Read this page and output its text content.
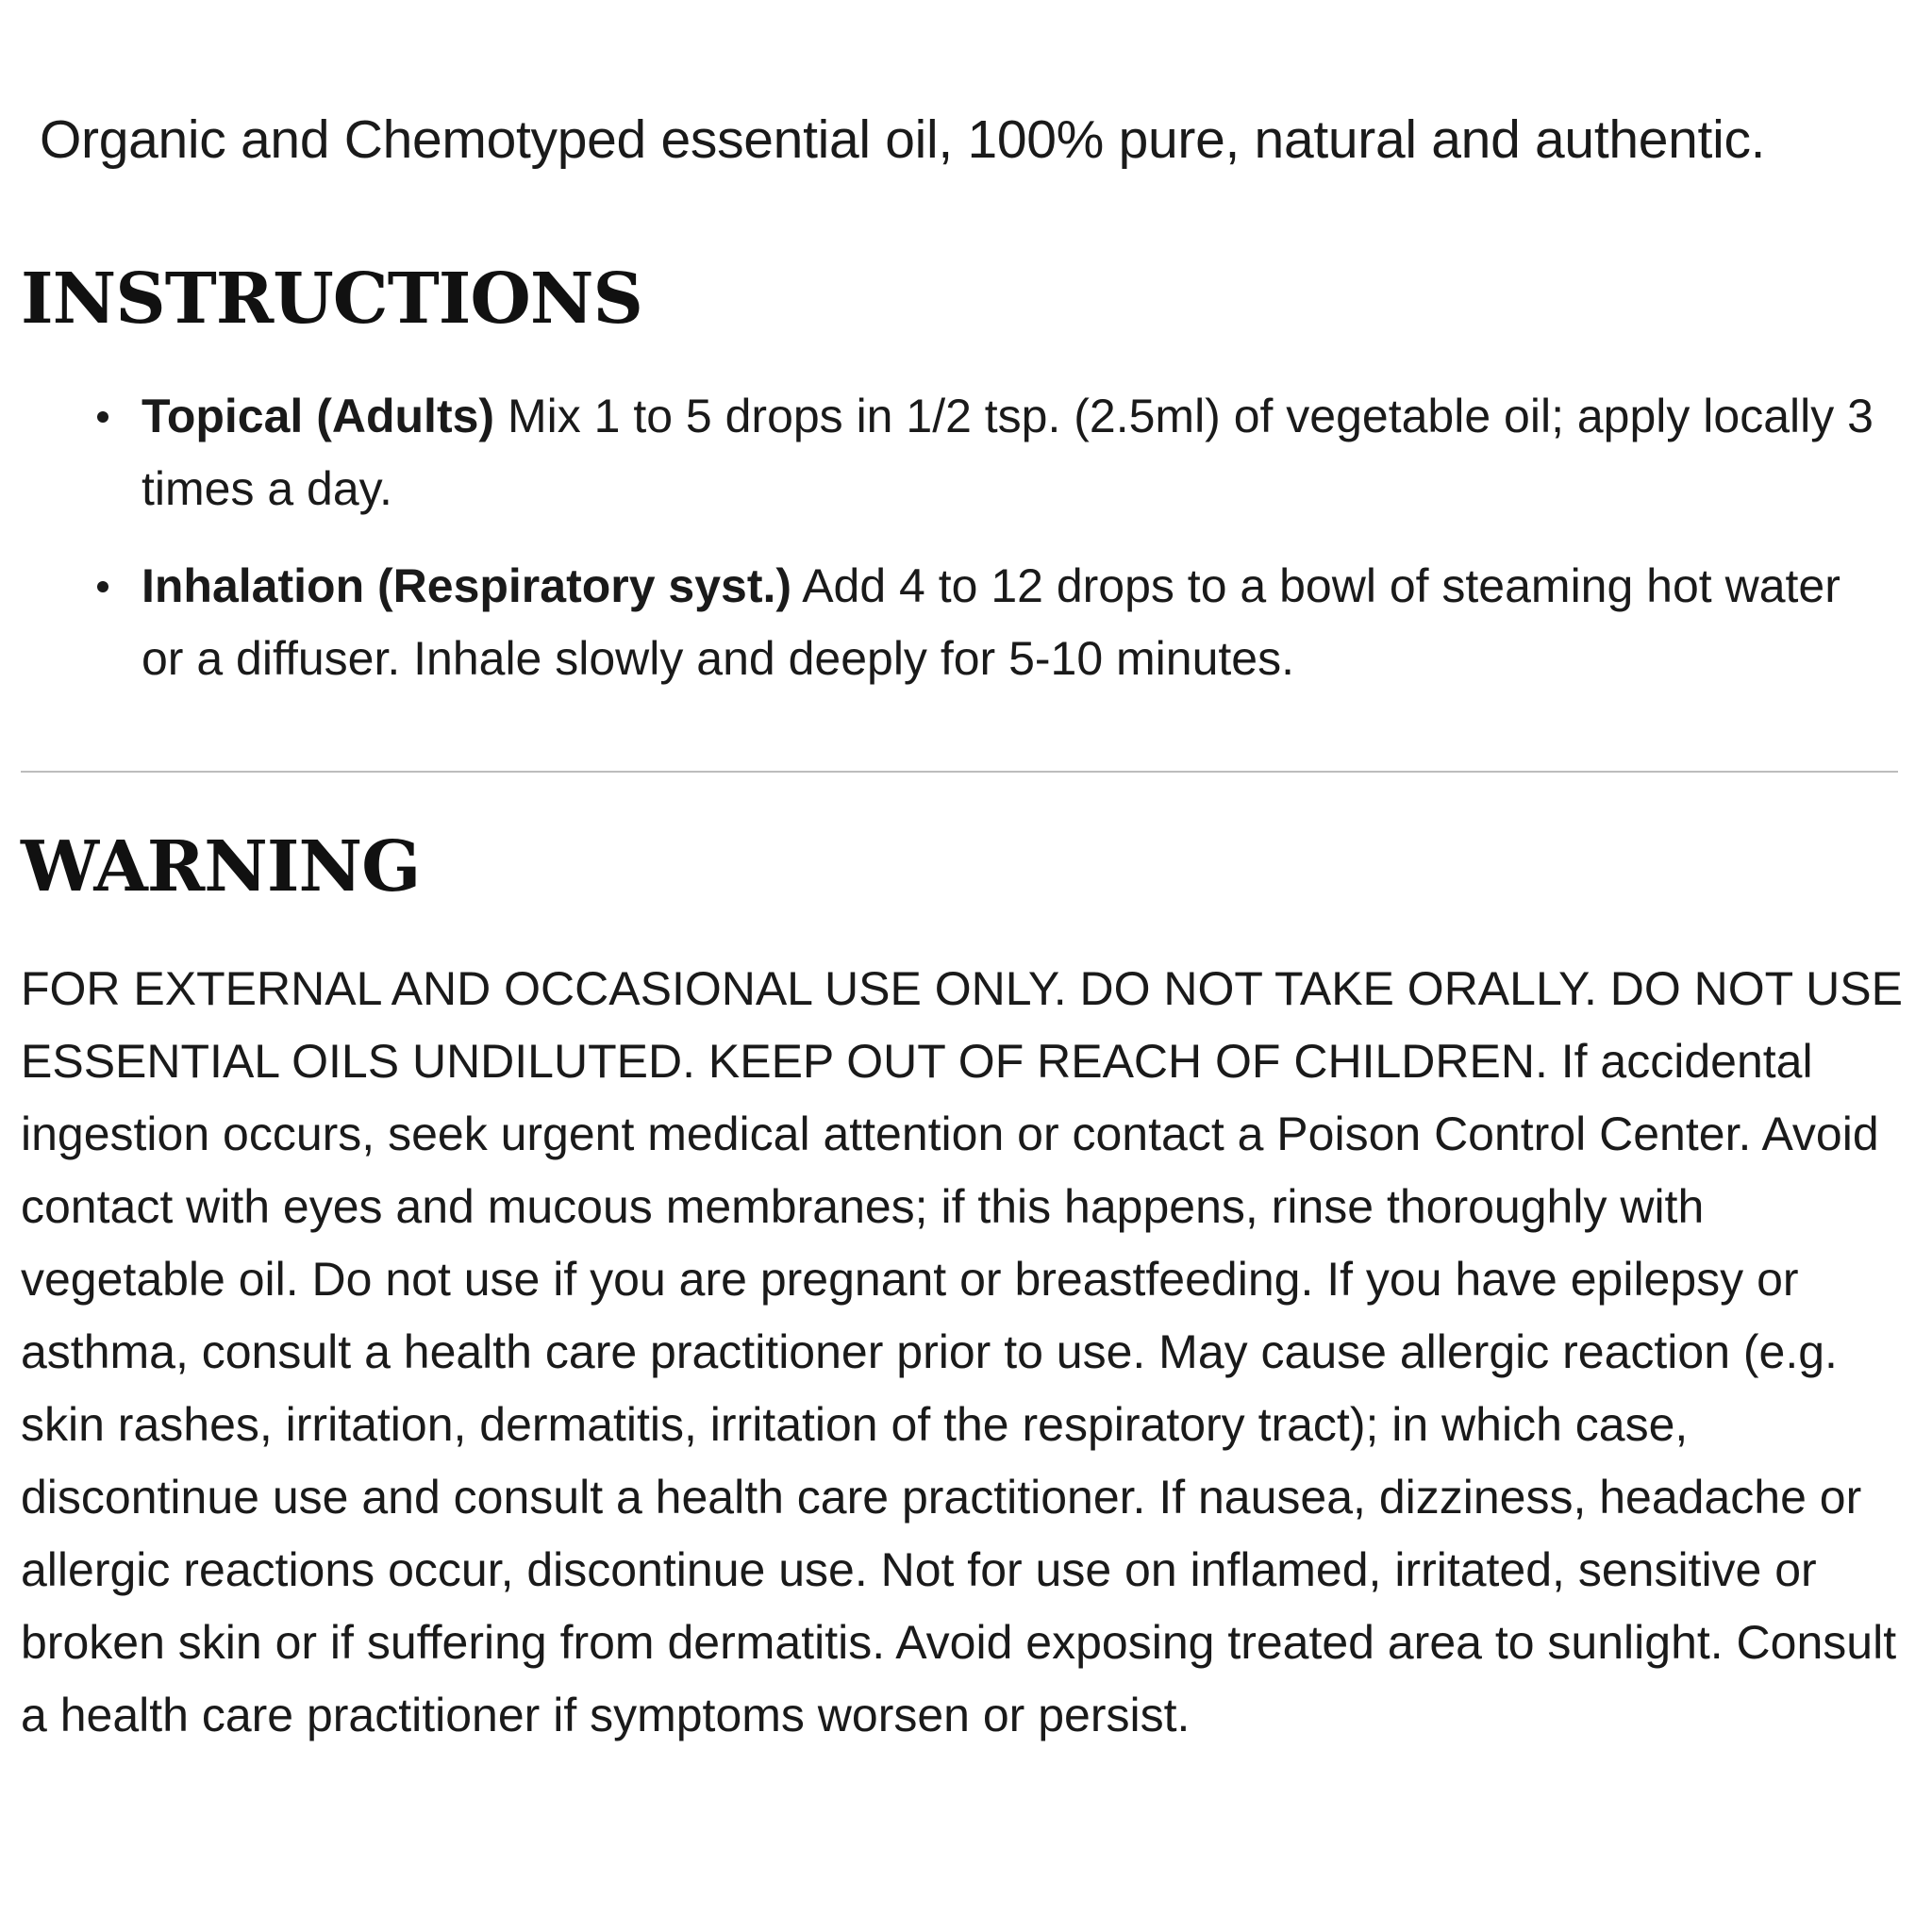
Organic and Chemotyped essential oil, 100% pure, natural and authentic.
INSTRUCTIONS
Topical (Adults) Mix 1 to 5 drops in 1/2 tsp. (2.5ml) of vegetable oil; apply locally 3 times a day.
Inhalation (Respiratory syst.) Add 4 to 12 drops to a bowl of steaming hot water or a diffuser. Inhale slowly and deeply for 5-10 minutes.
WARNING

FOR EXTERNAL AND OCCASIONAL USE ONLY. DO NOT TAKE ORALLY. DO NOT USE ESSENTIAL OILS UNDILUTED. KEEP OUT OF REACH OF CHILDREN. If accidental ingestion occurs, seek urgent medical attention or contact a Poison Control Center. Avoid contact with eyes and mucous membranes; if this happens, rinse thoroughly with vegetable oil. Do not use if you are pregnant or breastfeeding. If you have epilepsy or asthma, consult a health care practitioner prior to use. May cause allergic reaction (e.g. skin rashes, irritation, dermatitis, irritation of the respiratory tract); in which case, discontinue use and consult a health care practitioner. If nausea, dizziness, headache or allergic reactions occur, discontinue use. Not for use on inflamed, irritated, sensitive or broken skin or if suffering from dermatitis. Avoid exposing treated area to sunlight. Consult a health care practitioner if symptoms worsen or persist.
